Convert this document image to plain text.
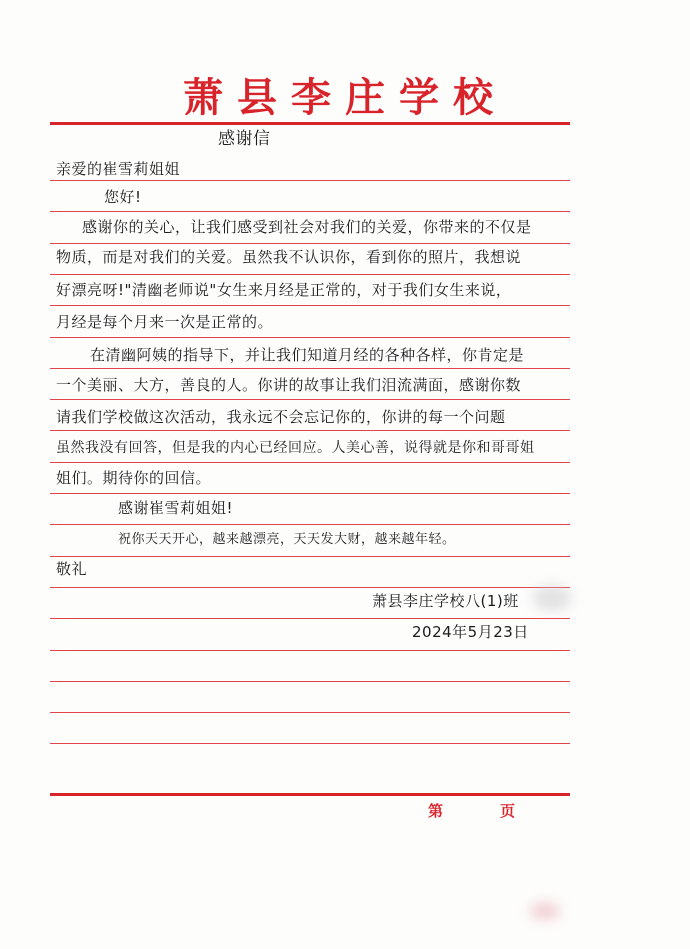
萧县李庄学校
感谢信
亲爱的崔雪莉姐姐
您好!
感谢你的关心，让我们感受到社会对我们的关爱，你带来的不仅是
物质，而是对我们的关爱。虽然我不认识你，看到你的照片，我想说
好漂亮呀!"清幽老师说"女生来月经是正常的，对于我们女生来说，
月经是每个月来一次是正常的。
在清幽阿姨的指导下，并让我们知道月经的各种各样，你肯定是
一个美丽、大方，善良的人。你讲的故事让我们泪流满面，感谢你数
请我们学校做这次活动，我永远不会忘记你的，你讲的每一个问题
虽然我没有回答，但是我的内心已经回应。人美心善，说得就是你和哥哥姐
姐们。期待你的回信。
感谢崔雪莉姐姐!
祝你天天开心，越来越漂亮，天天发大财，越来越年轻。
敬礼
萧县李庄学校八(1)班
2024年5月23日
第	页
